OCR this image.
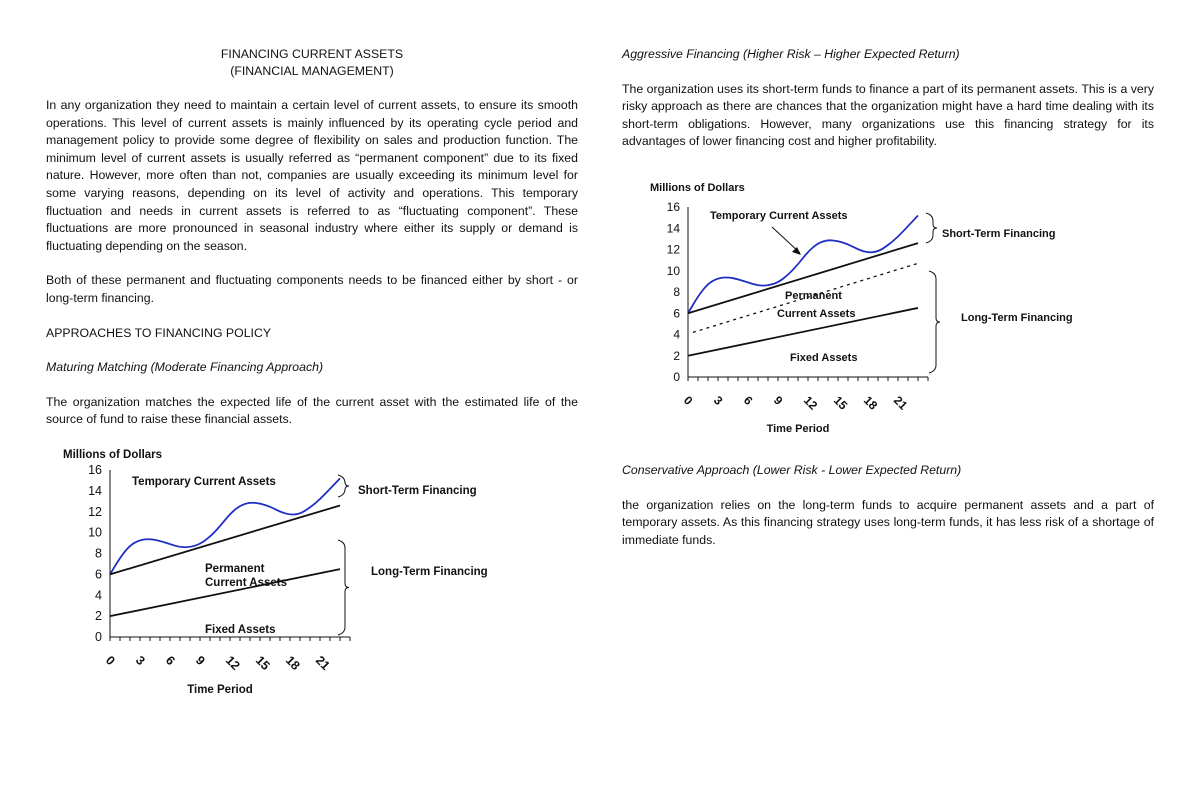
FINANCING CURRENT ASSETS

(FINANCIAL MANAGEMENT)

In any organization they need to maintain a certain level of current assets, to ensure its smooth operations. This level of current assets is mainly influenced by its operating cycle period and management policy to provide some degree of flexibility on sales and production function. The minimum level of current assets is usually referred as “permanent component” due to its fixed nature. However, more often than not, companies are usually exceeding its minimum level for some varying reasons, depending on its level of activity and operations. This temporary fluctuation and needs in current assets is referred to as “fluctuating component”. These fluctuations are more pronounced in seasonal industry where either its supply or demand is fluctuating depending on the season.

Both of these permanent and fluctuating components needs to be financed either by short - or long-term financing.

APPROACHES TO FINANCING POLICY

Maturing Matching (Moderate Financing Approach)

The organization matches the expected life of the current asset with the estimated life of the source of fund to raise these financial assets.

Aggressive Financing (Higher Risk – Higher Expected Return)

The organization uses its short-term funds to finance a part of its permanent assets. This is a very risky approach as there are chances that the organization might have a hard time dealing with its short-term obligations. However, many organizations use this financing strategy for its advantages of lower financing cost and higher profitability.

Conservative Approach (Lower Risk - Lower Expected Return)

the organization relies on the long-term funds to acquire permanent assets and a part of temporary assets. As this financing strategy uses long-term funds, it has less risk of a shortage of immediate funds.

Millions of Dollars
0
2
4
6
8
10
12
14
16
0 3 6 9 12 15 18 21
Time Period
Temporary Current Assets
Permanent
Current Assets
Fixed Assets
Short-Term Financing
Long-Term Financing
Millions of Dollars
0
2
4
6
8
10
12
14
16
0 3 6 9 12 15 18 21
Time Period
Temporary Current Assets
Permanent
Current Assets
Fixed Assets
Short-Term Financing
Long-Term Financing
